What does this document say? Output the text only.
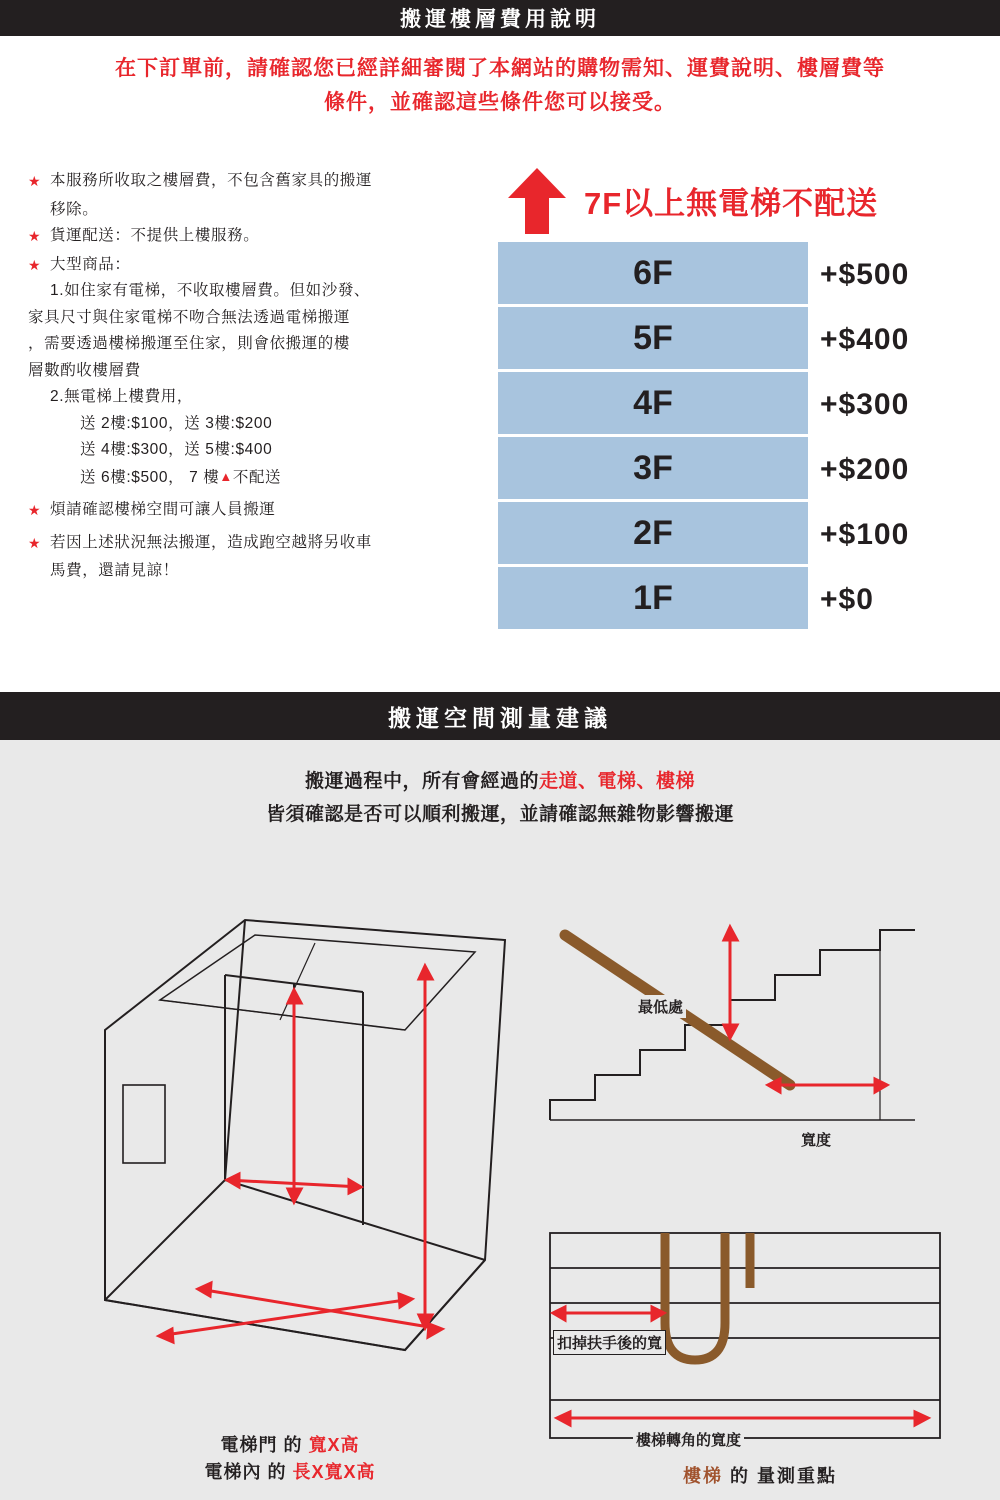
搬運樓層費用說明
在下訂單前，請確認您已經詳細審閱了本網站的購物需知、運費說明、樓層費等
條件，並確認這些條件您可以接受。
★ 本服務所收取之樓層費，不包含舊家具的搬運
移除。
★ 貨運配送：不提供上樓服務。
★ 大型商品：
1.如住家有電梯，不收取樓層費。但如沙發、
家具尺寸與住家電梯不吻合無法透過電梯搬運
，需要透過樓梯搬運至住家，則會依搬運的樓
層數酌收樓層費
2.無電梯上樓費用，
送 2樓:$100，送 3樓:$200
送 4樓:$300，送 5樓:$400
送 6樓:$500， 7 樓▲不配送
★ 煩請確認樓梯空間可讓人員搬運
★ 若因上述狀況無法搬運，造成跑空越將另收車
馬費，還請見諒！
7F以上無電梯不配送
6F
5F
4F
3F
2F
1F
+$500
+$400
+$300
+$200
+$100
+$0
搬運空間測量建議
搬運過程中，所有會經過的走道、電梯、樓梯
皆須確認是否可以順利搬運，並請確認無雜物影響搬運
最低處
寬度
扣掉扶手後的寬
樓梯轉角的寬度
電梯門 的 寬X高
電梯內 的 長X寬X高	樓梯 的 量測重點
